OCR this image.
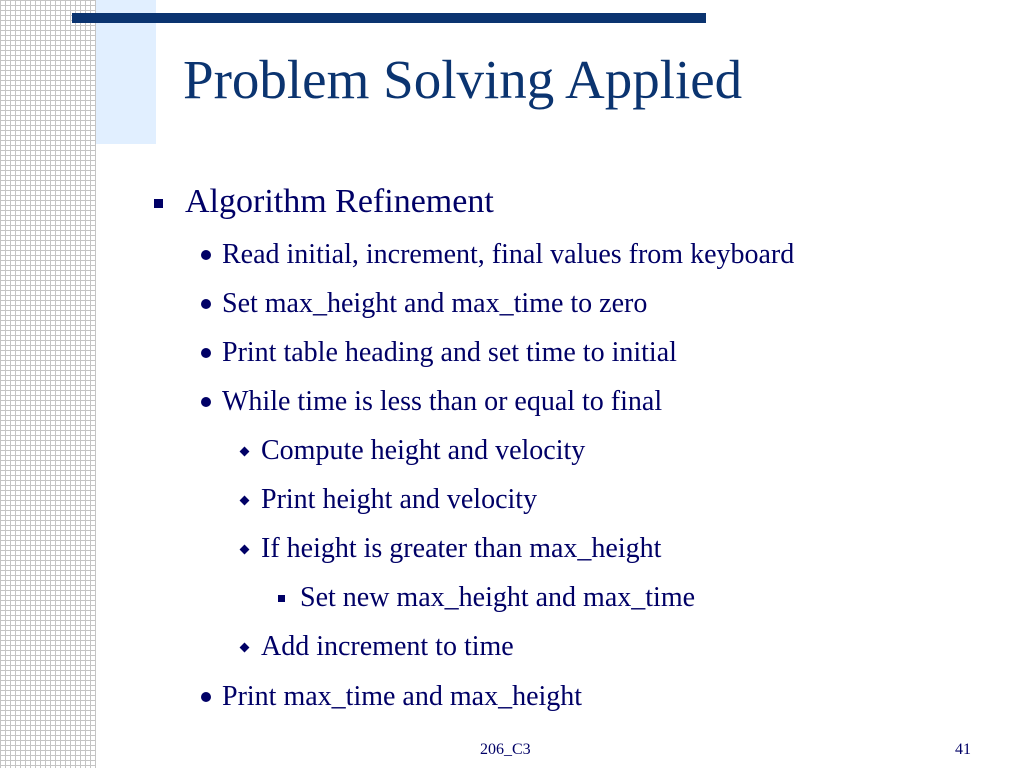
Problem Solving Applied
Algorithm Refinement
Read initial, increment, final values from keyboard
Set max_height and max_time to zero
Print table heading and set time to initial
While time is less than or equal to final
Compute height and velocity
Print height and velocity
If height is greater than max_height
Set new max_height and max_time
Add increment to time
Print max_time and max_height
206_C3	41
